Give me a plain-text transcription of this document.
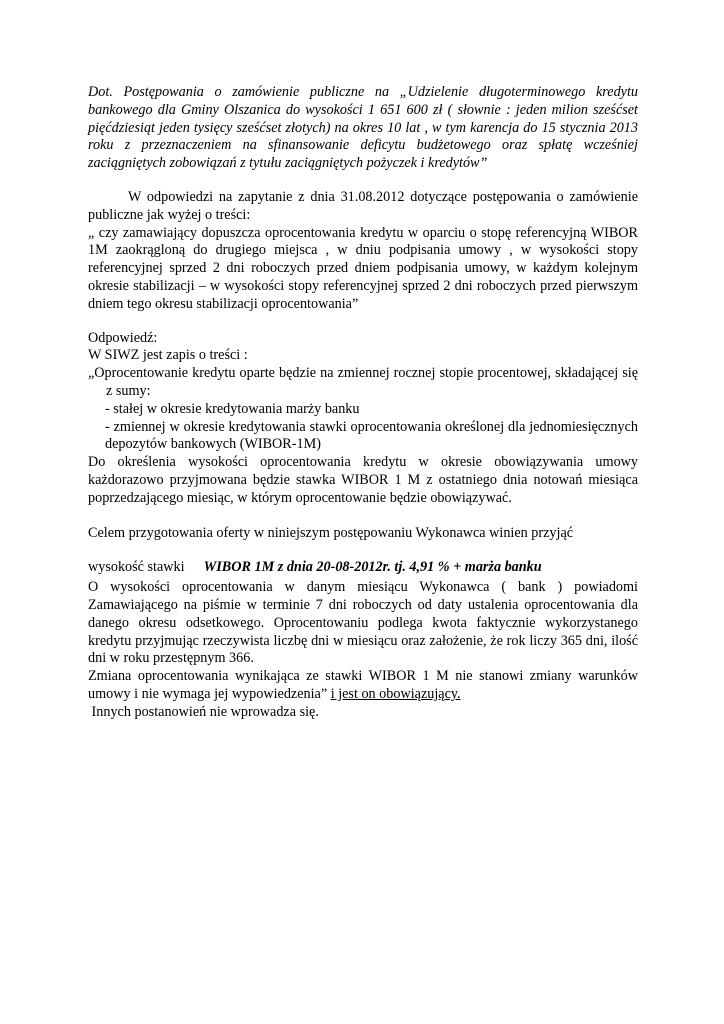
Dot. Postępowania o zamówienie publiczne na „Udzielenie długoterminowego kredytu bankowego dla Gminy Olszanica do wysokości 1 651 600 zł ( słownie : jeden milion sześćset pięćdziesiąt jeden tysięcy sześćset złotych) na okres 10 lat , w tym karencja do 15 stycznia 2013 roku z przeznaczeniem na sfinansowanie deficytu budżetowego oraz spłatę wcześniej zaciągniętych zobowiązań z tytułu zaciągniętych pożyczek i kredytów”

W odpowiedzi na zapytanie z dnia 31.08.2012 dotyczące postępowania o zamówienie publiczne jak wyżej o treści:

„ czy zamawiający dopuszcza oprocentowania kredytu w oparciu o stopę referencyjną WIBOR 1M zaokrągloną do drugiego miejsca , w dniu podpisania umowy , w wysokości stopy referencyjnej sprzed 2 dni roboczych przed dniem podpisania umowy, w każdym kolejnym okresie stabilizacji – w wysokości stopy referencyjnej sprzed 2 dni roboczych przed pierwszym dniem tego okresu stabilizacji oprocentowania”

Odpowiedź:

W SIWZ jest zapis o treści :

„Oprocentowanie kredytu oparte będzie na zmiennej rocznej stopie procentowej, składającej się z sumy:

- stałej w okresie kredytowania marży banku

- zmiennej w okresie kredytowania stawki oprocentowania określonej dla jednomiesięcznych depozytów bankowych (WIBOR-1M)

Do określenia wysokości oprocentowania kredytu w okresie obowiązywania umowy każdorazowo przyjmowana będzie stawka WIBOR 1 M z ostatniego dnia notowań miesiąca poprzedzającego miesiąc, w którym oprocentowanie będzie obowiązywać.

Celem przygotowania oferty w niniejszym postępowaniu Wykonawca winien przyjąć

wysokość stawki WIBOR 1M z dnia 20-08-2012r. tj. 4,91 % + marża banku

O wysokości oprocentowania w danym miesiącu Wykonawca ( bank ) powiadomi Zamawiającego na piśmie w terminie 7 dni roboczych od daty ustalenia oprocentowania dla danego okresu odsetkowego. Oprocentowaniu podlega kwota faktycznie wykorzystanego kredytu przyjmując rzeczywista liczbę dni w miesiącu oraz założenie, że rok liczy 365 dni, ilość dni w roku przestępnym 366.

Zmiana oprocentowania wynikająca ze stawki WIBOR 1 M nie stanowi zmiany warunków umowy i nie wymaga jej wypowiedzenia” i jest on obowiązujący.

Innych postanowień nie wprowadza się.
